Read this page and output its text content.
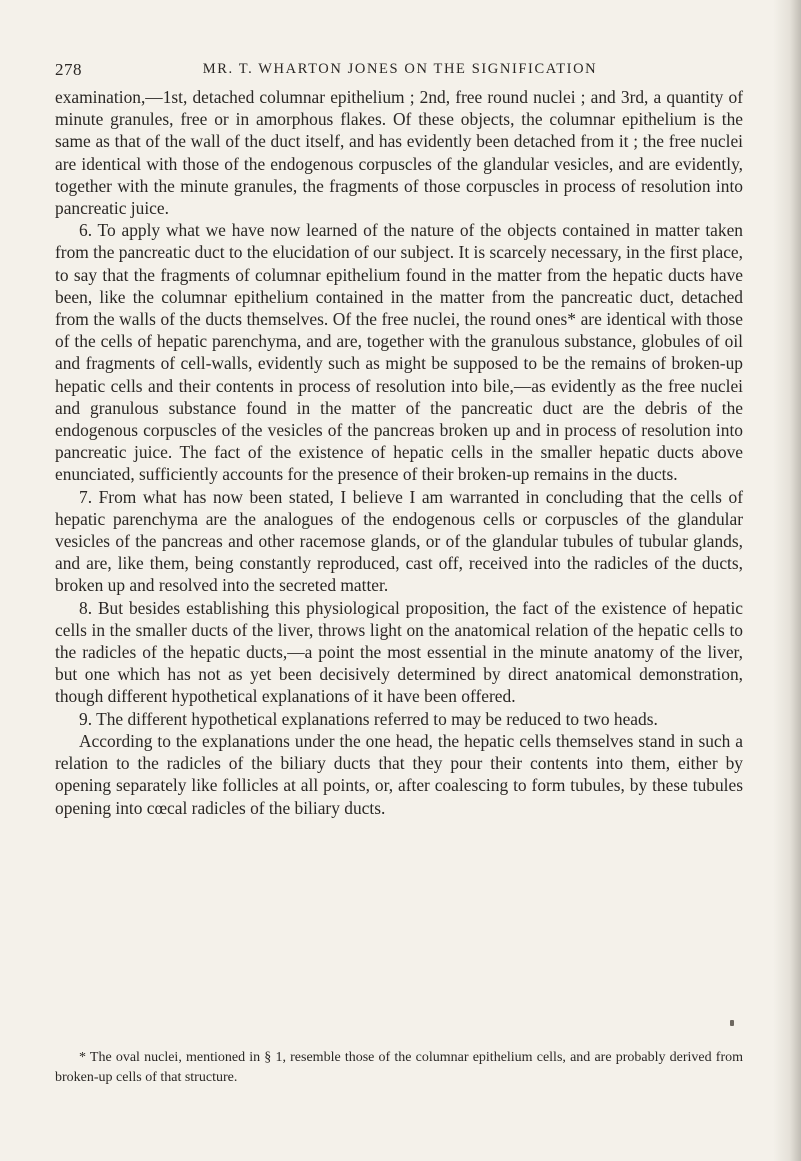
278	MR. T. WHARTON JONES ON THE SIGNIFICATION

examination,—1st, detached columnar epithelium ; 2nd, free round nuclei ; and 3rd, a quantity of minute granules, free or in amorphous flakes. Of these objects, the columnar epithelium is the same as that of the wall of the duct itself, and has evidently been detached from it ; the free nuclei are identical with those of the endogenous corpuscles of the glandular vesicles, and are evidently, together with the minute granules, the fragments of those corpuscles in process of resolution into pancreatic juice.

6. To apply what we have now learned of the nature of the objects contained in matter taken from the pancreatic duct to the elucidation of our subject. It is scarcely necessary, in the first place, to say that the fragments of columnar epithelium found in the matter from the hepatic ducts have been, like the columnar epithelium contained in the matter from the pancreatic duct, detached from the walls of the ducts themselves. Of the free nuclei, the round ones* are identical with those of the cells of hepatic parenchyma, and are, together with the granulous substance, globules of oil and fragments of cell-walls, evidently such as might be supposed to be the remains of broken-up hepatic cells and their contents in process of resolution into bile,—as evidently as the free nuclei and granulous substance found in the matter of the pancreatic duct are the debris of the endogenous corpuscles of the vesicles of the pancreas broken up and in process of resolution into pancreatic juice. The fact of the existence of hepatic cells in the smaller hepatic ducts above enunciated, sufficiently accounts for the presence of their broken-up remains in the ducts.

7. From what has now been stated, I believe I am warranted in concluding that the cells of hepatic parenchyma are the analogues of the endogenous cells or corpuscles of the glandular vesicles of the pancreas and other racemose glands, or of the glandular tubules of tubular glands, and are, like them, being constantly reproduced, cast off, received into the radicles of the ducts, broken up and resolved into the secreted matter.

8. But besides establishing this physiological proposition, the fact of the existence of hepatic cells in the smaller ducts of the liver, throws light on the anatomical relation of the hepatic cells to the radicles of the hepatic ducts,—a point the most essential in the minute anatomy of the liver, but one which has not as yet been decisively determined by direct anatomical demonstration, though different hypothetical explanations of it have been offered.

9. The different hypothetical explanations referred to may be reduced to two heads.

According to the explanations under the one head, the hepatic cells themselves stand in such a relation to the radicles of the biliary ducts that they pour their contents into them, either by opening separately like follicles at all points, or, after coalescing to form tubules, by these tubules opening into cœcal radicles of the biliary ducts.

* The oval nuclei, mentioned in § 1, resemble those of the columnar epithelium cells, and are probably derived from broken-up cells of that structure.
